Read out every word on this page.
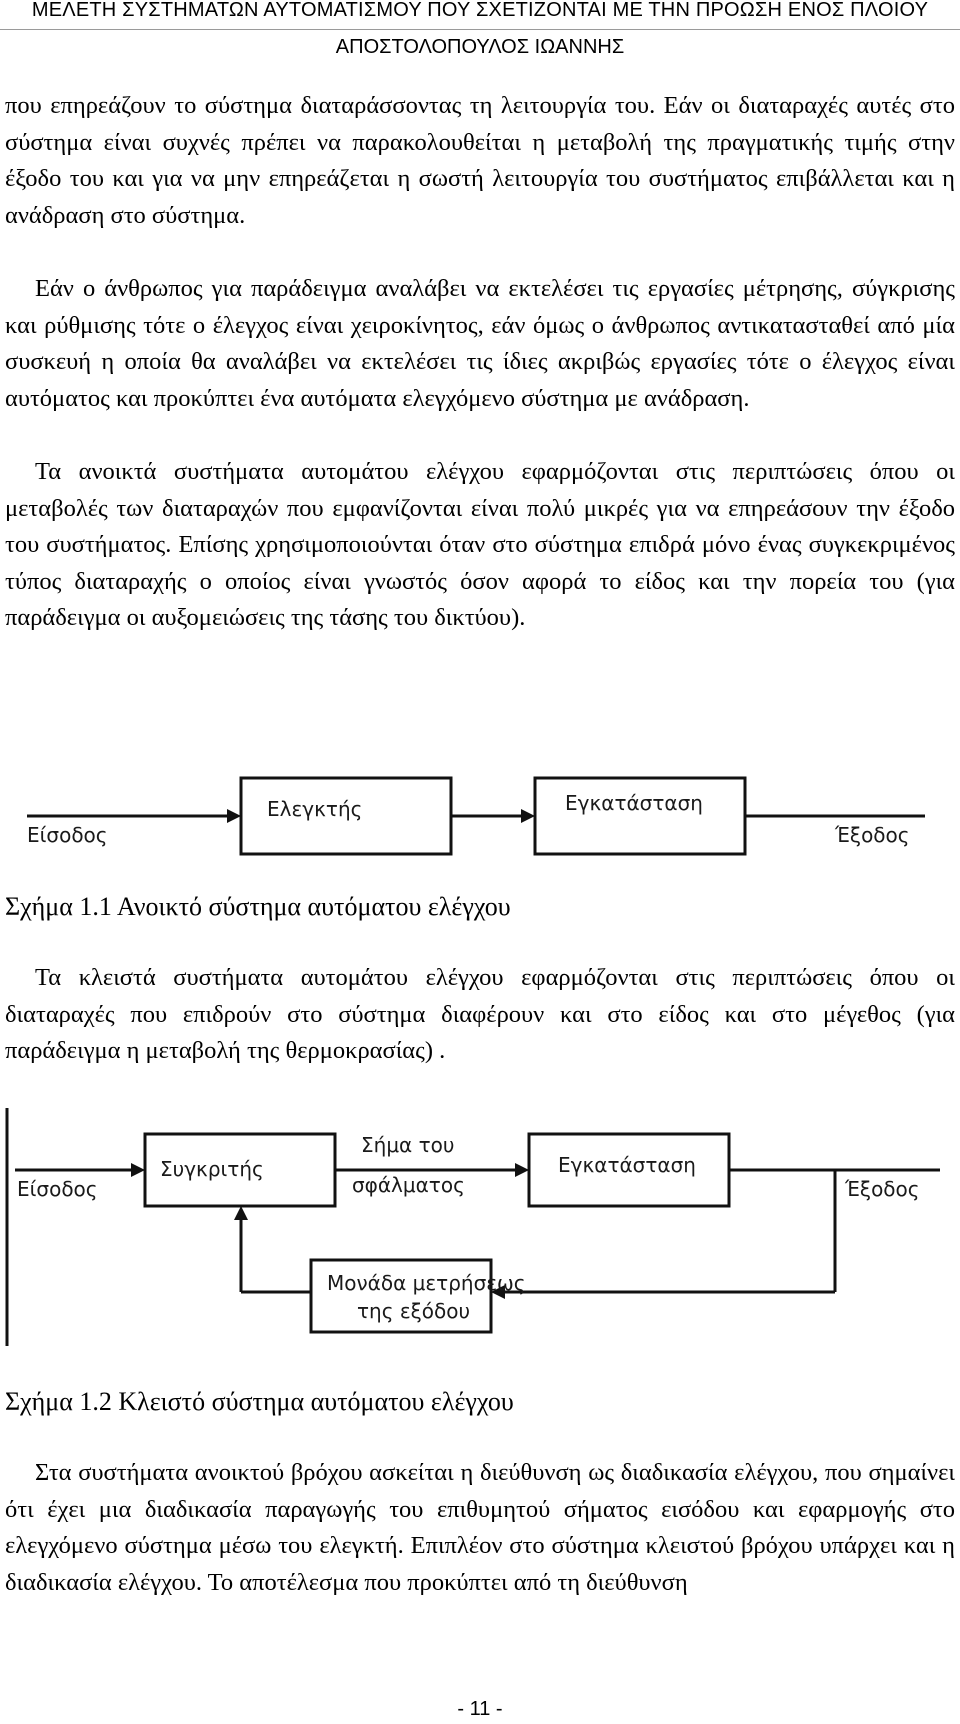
ΜΕΛΕΤΗ ΣΥΣΤΗΜΑΤΩΝ ΑΥΤΟΜΑΤΙΣΜΟΥ ΠΟΥ ΣΧΕΤΙΖΟΝΤΑΙ ΜΕ ΤΗΝ ΠΡΟΩΣΗ ΕΝΟΣ ΠΛΟΙΟΥ
ΑΠΟΣΤΟΛΟΠΟΥΛΟΣ ΙΩΑΝΝΗΣ

που επηρεάζουν το σύστημα διαταράσσοντας τη λειτουργία του. Εάν οι διαταραχές αυτές στο σύστημα είναι συχνές πρέπει να παρακολουθείται η μεταβολή της πραγματικής τιμής στην έξοδο του και για να μην επηρεάζεται η σωστή λειτουργία του συστήματος επιβάλλεται και η ανάδραση στο σύστημα.

Εάν ο άνθρωπος για παράδειγμα αναλάβει να εκτελέσει τις εργασίες μέτρησης, σύγκρισης και ρύθμισης τότε ο έλεγχος είναι χειροκίνητος, εάν όμως ο άνθρωπος αντικατασταθεί από μία συσκευή η οποία θα αναλάβει να εκτελέσει τις ίδιες ακριβώς εργασίες τότε ο έλεγχος είναι αυτόματος και προκύπτει ένα αυτόματα ελεγχόμενο σύστημα με ανάδραση.

Τα ανοικτά συστήματα αυτομάτου ελέγχου εφαρμόζονται στις περιπτώσεις όπου οι μεταβολές των διαταραχών που εμφανίζονται είναι πολύ μικρές για να επηρεάσουν την έξοδο του συστήματος. Επίσης χρησιμοποιούνται όταν στο σύστημα επιδρά μόνο ένας συγκεκριμένος τύπος διαταραχής ο οποίος είναι γνωστός όσον αφορά το είδος και την πορεία του (για παράδειγμα οι αυξομειώσεις της τάσης του δικτύου).

Είσοδος
Ελεγκτής	Εγκατάσταση
Έξοδος

Σχήμα 1.1 Ανοικτό σύστημα αυτόματου ελέγχου

Τα κλειστά συστήματα αυτομάτου ελέγχου εφαρμόζονται στις περιπτώσεις όπου οι διαταραχές που επιδρούν στο σύστημα διαφέρουν και στο είδος και στο μέγεθος (για παράδειγμα η μεταβολή της θερμοκρασίας) .

Είσοδος
Συγκριτής
Σήμα του
σφάλματος
Εγκατάσταση
Έξοδος
Μονάδα μετρήσεως
της εξόδου

Σχήμα 1.2 Κλειστό σύστημα αυτόματου ελέγχου

Στα συστήματα ανοικτού βρόχου ασκείται η διεύθυνση ως διαδικασία ελέγχου, που σημαίνει ότι έχει μια διαδικασία παραγωγής του επιθυμητού σήματος εισόδου και εφαρμογής στο ελεγχόμενο σύστημα μέσω του ελεγκτή. Επιπλέον στο σύστημα κλειστού βρόχου υπάρχει και η διαδικασία ελέγχου. Το αποτέλεσμα που προκύπτει από τη διεύθυνση

- 11 -
